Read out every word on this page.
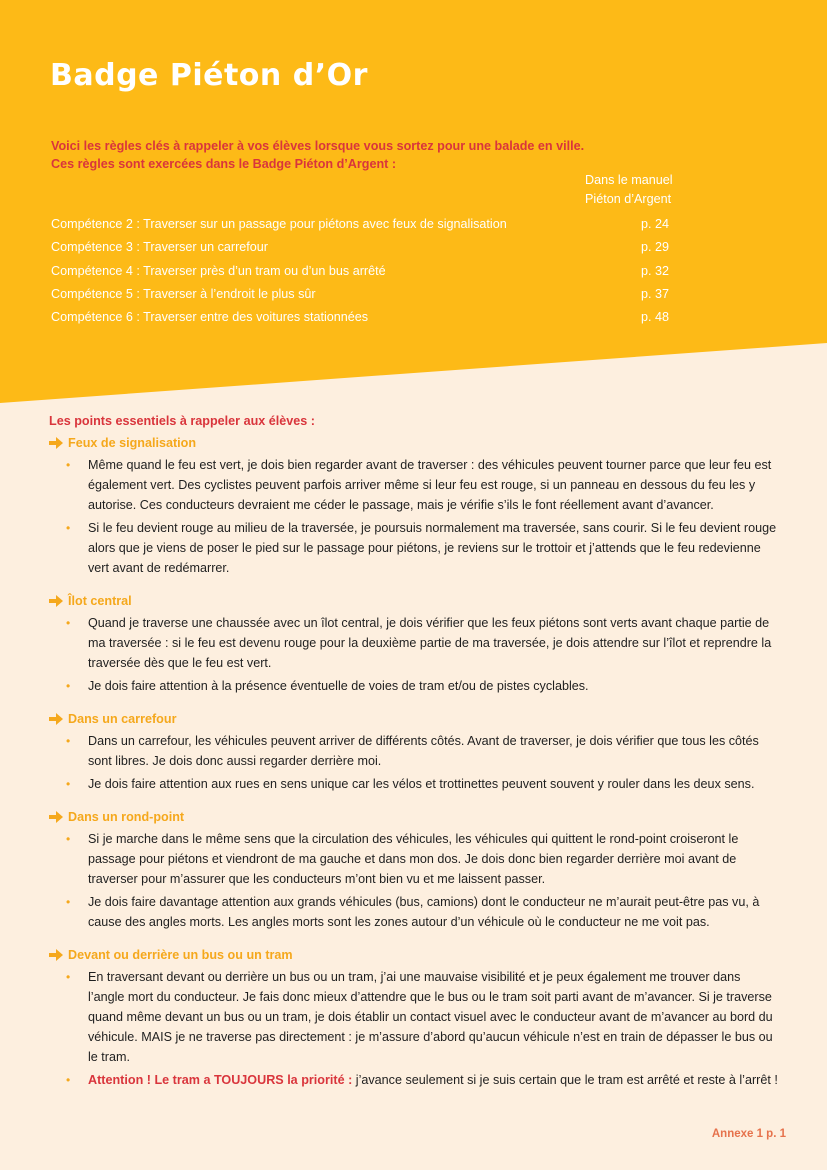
Badge Piéton d’Or
Voici les règles clés à rappeler à vos élèves lorsque vous sortez pour une balade en ville.
Ces règles sont exercées dans le Badge Piéton d’Argent :
Dans le manuel
Piéton d’Argent
Compétence 2 : Traverser sur un passage pour piétons avec feux de signalisation	p. 24
Compétence 3 : Traverser un carrefour	p. 29
Compétence 4 : Traverser près d’un tram ou d’un bus arrêté	p. 32
Compétence 5 : Traverser à l’endroit le plus sûr	p. 37
Compétence 6 : Traverser entre des voitures stationnées	p. 48
Les points essentiels à rappeler aux élèves :
Feux de signalisation
• Même quand le feu est vert, je dois bien regarder avant de traverser : des véhicules peuvent tourner parce que leur feu est également vert. Des cyclistes peuvent parfois arriver même si leur feu est rouge, si un panneau en dessous du feu les y autorise. Ces conducteurs devraient me céder le passage, mais je vérifie s’ils le font réellement avant d’avancer.
• Si le feu devient rouge au milieu de la traversée, je poursuis normalement ma traversée, sans courir. Si le feu devient rouge alors que je viens de poser le pied sur le passage pour piétons, je reviens sur le trottoir et j’attends que le feu redevienne vert avant de redémarrer.
Îlot central
• Quand je traverse une chaussée avec un îlot central, je dois vérifier que les feux piétons sont verts avant chaque partie de ma traversée : si le feu est devenu rouge pour la deuxième partie de ma traversée, je dois attendre sur l’îlot et reprendre la traversée dès que le feu est vert.
• Je dois faire attention à la présence éventuelle de voies de tram et/ou de pistes cyclables.
Dans un carrefour
• Dans un carrefour, les véhicules peuvent arriver de différents côtés. Avant de traverser, je dois vérifier que tous les côtés sont libres. Je dois donc aussi regarder derrière moi.
• Je dois faire attention aux rues en sens unique car les vélos et trottinettes peuvent souvent y rouler dans les deux sens.
Dans un rond-point
• Si je marche dans le même sens que la circulation des véhicules, les véhicules qui quittent le rond-point croiseront le passage pour piétons et viendront de ma gauche et dans mon dos. Je dois donc bien regarder derrière moi avant de traverser pour m’assurer que les conducteurs m’ont bien vu et me laissent passer.
• Je dois faire davantage attention aux grands véhicules (bus, camions) dont le conducteur ne m’aurait peut-être pas vu, à cause des angles morts. Les angles morts sont les zones autour d’un véhicule où le conducteur ne me voit pas.
Devant ou derrière un bus ou un tram
• En traversant devant ou derrière un bus ou un tram, j’ai une mauvaise visibilité et je peux également me trouver dans l’angle mort du conducteur. Je fais donc mieux d’attendre que le bus ou le tram soit parti avant de m’avancer. Si je traverse quand même devant un bus ou un tram, je dois établir un contact visuel avec le conducteur avant de m’avancer au bord du véhicule. MAIS je ne traverse pas directement : je m’assure d’abord qu’aucun véhicule n’est en train de dépasser le bus ou le tram.
• Attention ! Le tram a TOUJOURS la priorité : j’avance seulement si je suis certain que le tram est arrêté et reste à l’arrêt !
Annexe 1 p. 1
